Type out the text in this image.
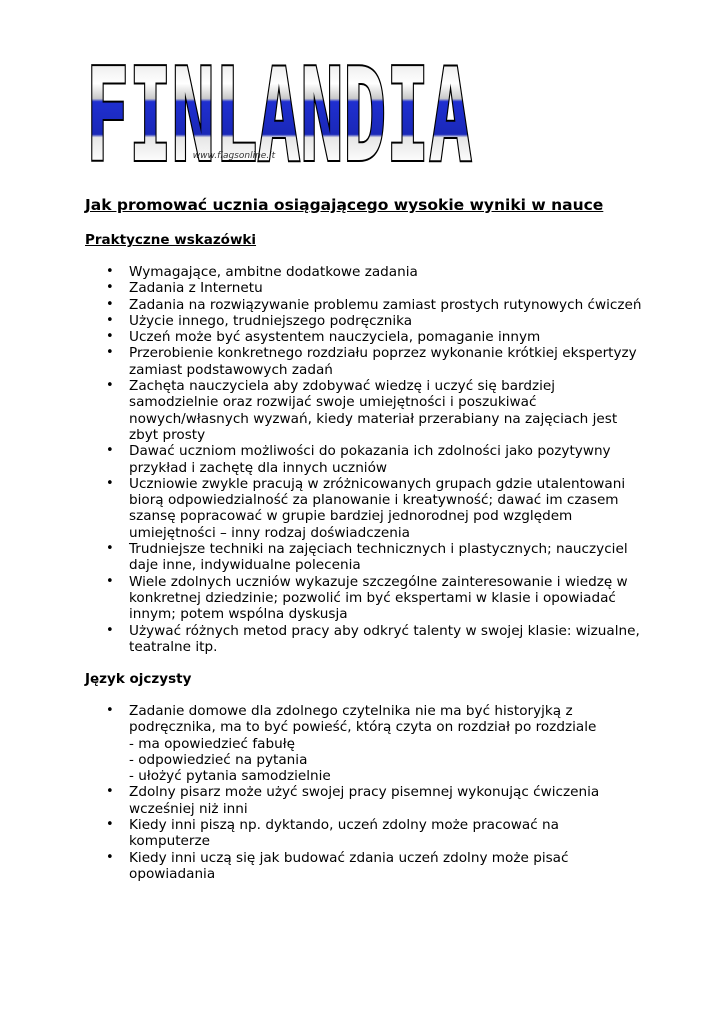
FINLANDIA
www.flagsonline.it
Jak promować ucznia osiągającego wysokie wyniki w nauce
Praktyczne wskazówki
• Wymagające, ambitne dodatkowe zadania
• Zadania z Internetu
• Zadania na rozwiązywanie problemu zamiast prostych rutynowych ćwiczeń
• Użycie innego, trudniejszego podręcznika
• Uczeń może być asystentem nauczyciela, pomaganie innym
• Przerobienie konkretnego rozdziału poprzez wykonanie krótkiej ekspertyzy
zamiast podstawowych zadań
• Zachęta nauczyciela aby zdobywać wiedzę i uczyć się bardziej
samodzielnie oraz rozwijać swoje umiejętności i poszukiwać
nowych/własnych wyzwań, kiedy materiał przerabiany na zajęciach jest
zbyt prosty
• Dawać uczniom możliwości do pokazania ich zdolności jako pozytywny
przykład i zachętę dla innych uczniów
• Uczniowie zwykle pracują w zróżnicowanych grupach gdzie utalentowani
biorą odpowiedzialność za planowanie i kreatywność; dawać im czasem
szansę popracować w grupie bardziej jednorodnej pod względem
umiejętności – inny rodzaj doświadczenia
• Trudniejsze techniki na zajęciach technicznych i plastycznych; nauczyciel
daje inne, indywidualne polecenia
• Wiele zdolnych uczniów wykazuje szczególne zainteresowanie i wiedzę w
konkretnej dziedzinie; pozwolić im być ekspertami w klasie i opowiadać
innym; potem wspólna dyskusja
• Używać różnych metod pracy aby odkryć talenty w swojej klasie: wizualne,
teatralne itp.
Język ojczysty
• Zadanie domowe dla zdolnego czytelnika nie ma być historyjką z
podręcznika, ma to być powieść, którą czyta on rozdział po rozdziale
- ma opowiedzieć fabułę
- odpowiedzieć na pytania
- ułożyć pytania samodzielnie
• Zdolny pisarz może użyć swojej pracy pisemnej wykonując ćwiczenia
wcześniej niż inni
• Kiedy inni piszą np. dyktando, uczeń zdolny może pracować na
komputerze
• Kiedy inni uczą się jak budować zdania uczeń zdolny może pisać
opowiadania
